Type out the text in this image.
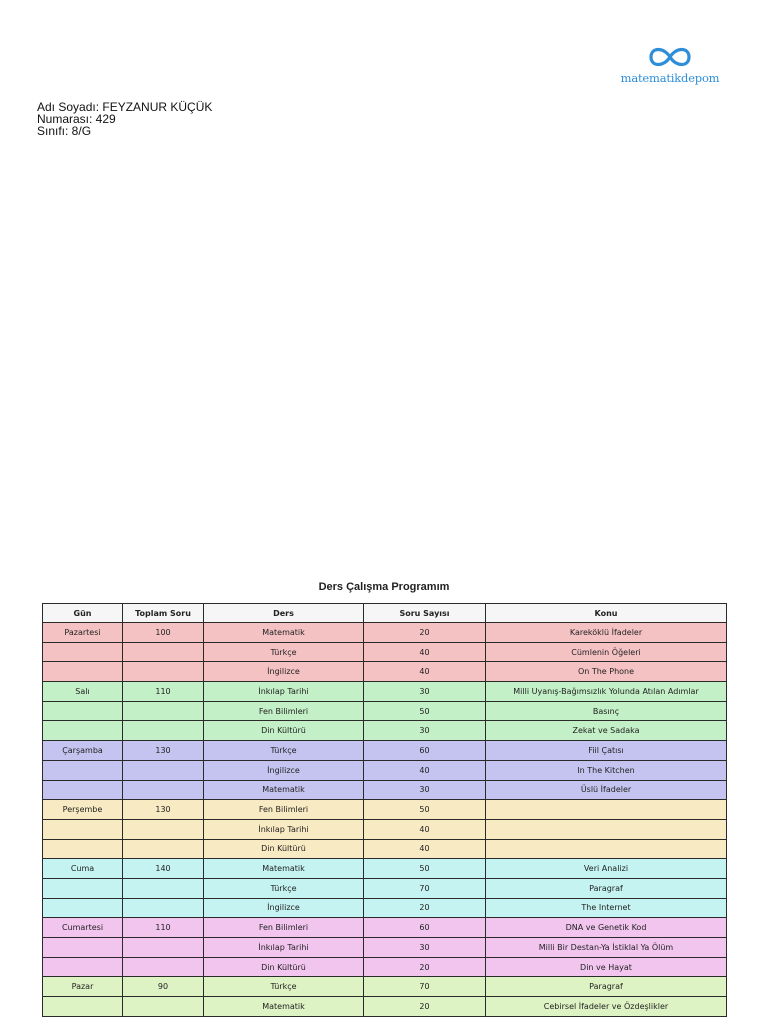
matematikdepom
Adı Soyadı: FEYZANUR KÜÇÜK
Numarası: 429
Sınıfı: 8/G
Ders Çalışma Programım
Gün	Toplam Soru	Ders	Soru Sayısı	Konu
Pazartesi	100	Matematik	20	Kareköklü İfadeler
		Türkçe	40	Cümlenin Öğeleri
		İngilizce	40	On The Phone
Salı	110	İnkılap Tarihi	30	Milli Uyanış-Bağımsızlık Yolunda Atılan Adımlar
		Fen Bilimleri	50	Basınç
		Din Kültürü	30	Zekat ve Sadaka
Çarşamba	130	Türkçe	60	Fiil Çatısı
		İngilizce	40	In The Kitchen
		Matematik	30	Üslü İfadeler
Perşembe	130	Fen Bilimleri	50	
		İnkılap Tarihi	40	
		Din Kültürü	40	
Cuma	140	Matematik	50	Veri Analizi
		Türkçe	70	Paragraf
		İngilizce	20	The Internet
Cumartesi	110	Fen Bilimleri	60	DNA ve Genetik Kod
		İnkılap Tarihi	30	Milli Bir Destan-Ya İstiklal Ya Ölüm
		Din Kültürü	20	Din ve Hayat
Pazar	90	Türkçe	70	Paragraf
		Matematik	20	Cebirsel İfadeler ve Özdeşlikler
